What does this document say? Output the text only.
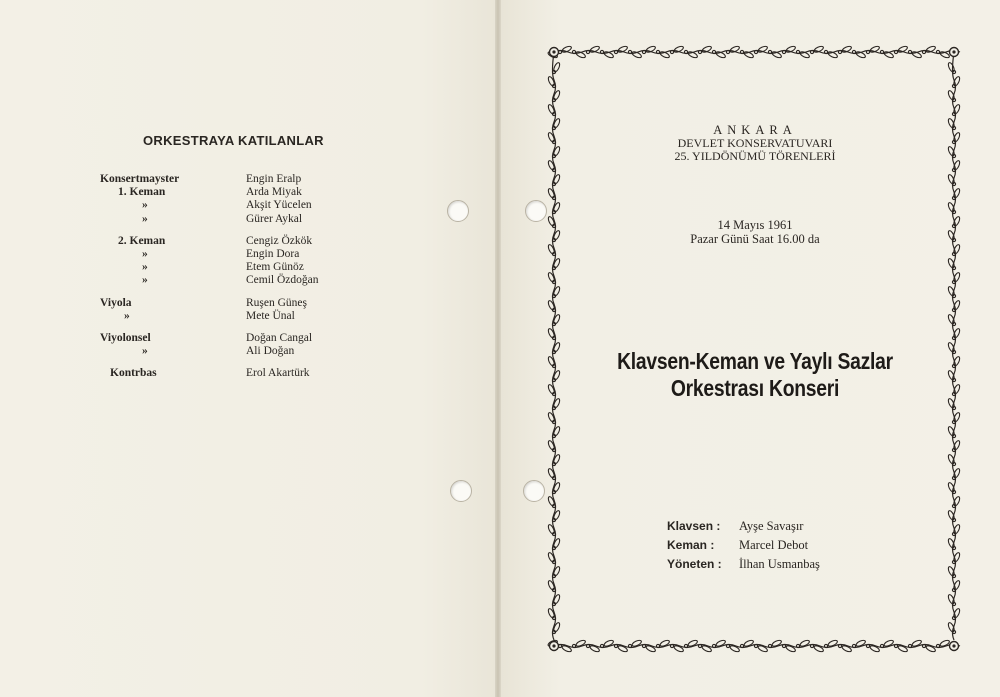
ORKESTRAYA KATILANLAR
Konsertmayster	Engin Eralp
1. Keman	Arda Miyak
»	Akşit Yücelen
»	Gürer Aykal
2. Keman	Cengiz Özkök
»	Engin Dora
»	Etem Günöz
»	Cemil Özdoğan
Viyola	Ruşen Güneş
»	Mete Ünal
Viyolonsel	Doğan Cangal
»	Ali Doğan
Kontrbas	Erol Akartürk
ANKARA
DEVLET KONSERVATUVARI
25. YILDÖNÜMÜ TÖRENLERİ
14 Mayıs 1961
Pazar Günü Saat 16.00 da
Klavsen-Keman ve Yaylı Sazlar
Orkestrası Konseri
Klavsen :	Ayşe Savaşır
Keman :	Marcel Debot
Yöneten :	İlhan Usmanbaş
